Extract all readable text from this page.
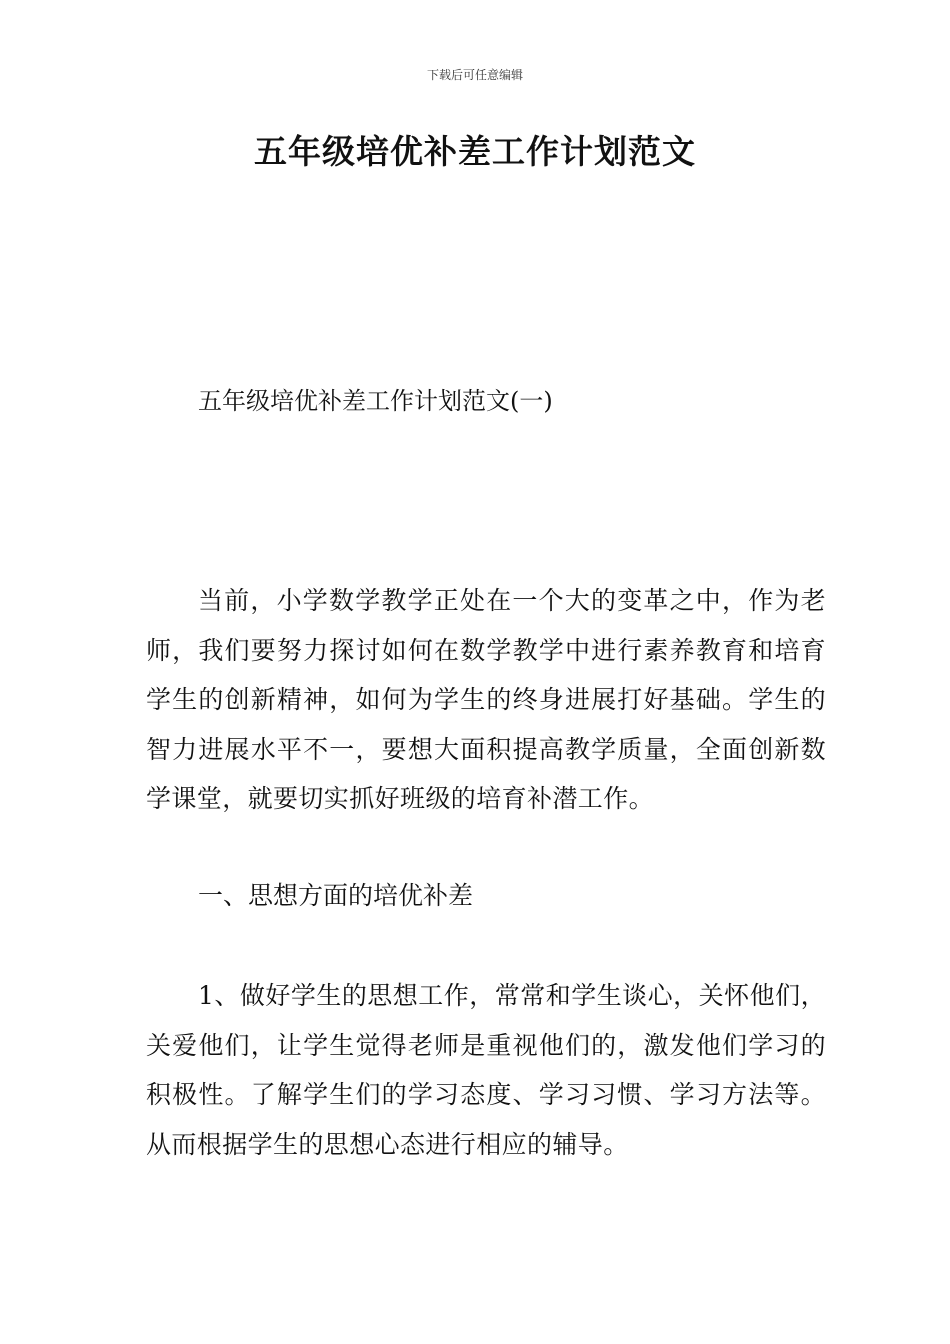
下载后可任意编辑
五年级培优补差工作计划范文

五年级培优补差工作计划范文(一)

当前，小学数学教学正处在一个大的变革之中，作为老师，我们要努力探讨如何在数学教学中进行素养教育和培育学生的创新精神，如何为学生的终身进展打好基础。学生的智力进展水平不一，要想大面积提高教学质量，全面创新数学课堂，就要切实抓好班级的培育补潜工作。

一、思想方面的培优补差

1、做好学生的思想工作，常常和学生谈心，关怀他们，关爱他们，让学生觉得老师是重视他们的，激发他们学习的积极性。了解学生们的学习态度、学习习惯、学习方法等。从而根据学生的思想心态进行相应的辅导。
